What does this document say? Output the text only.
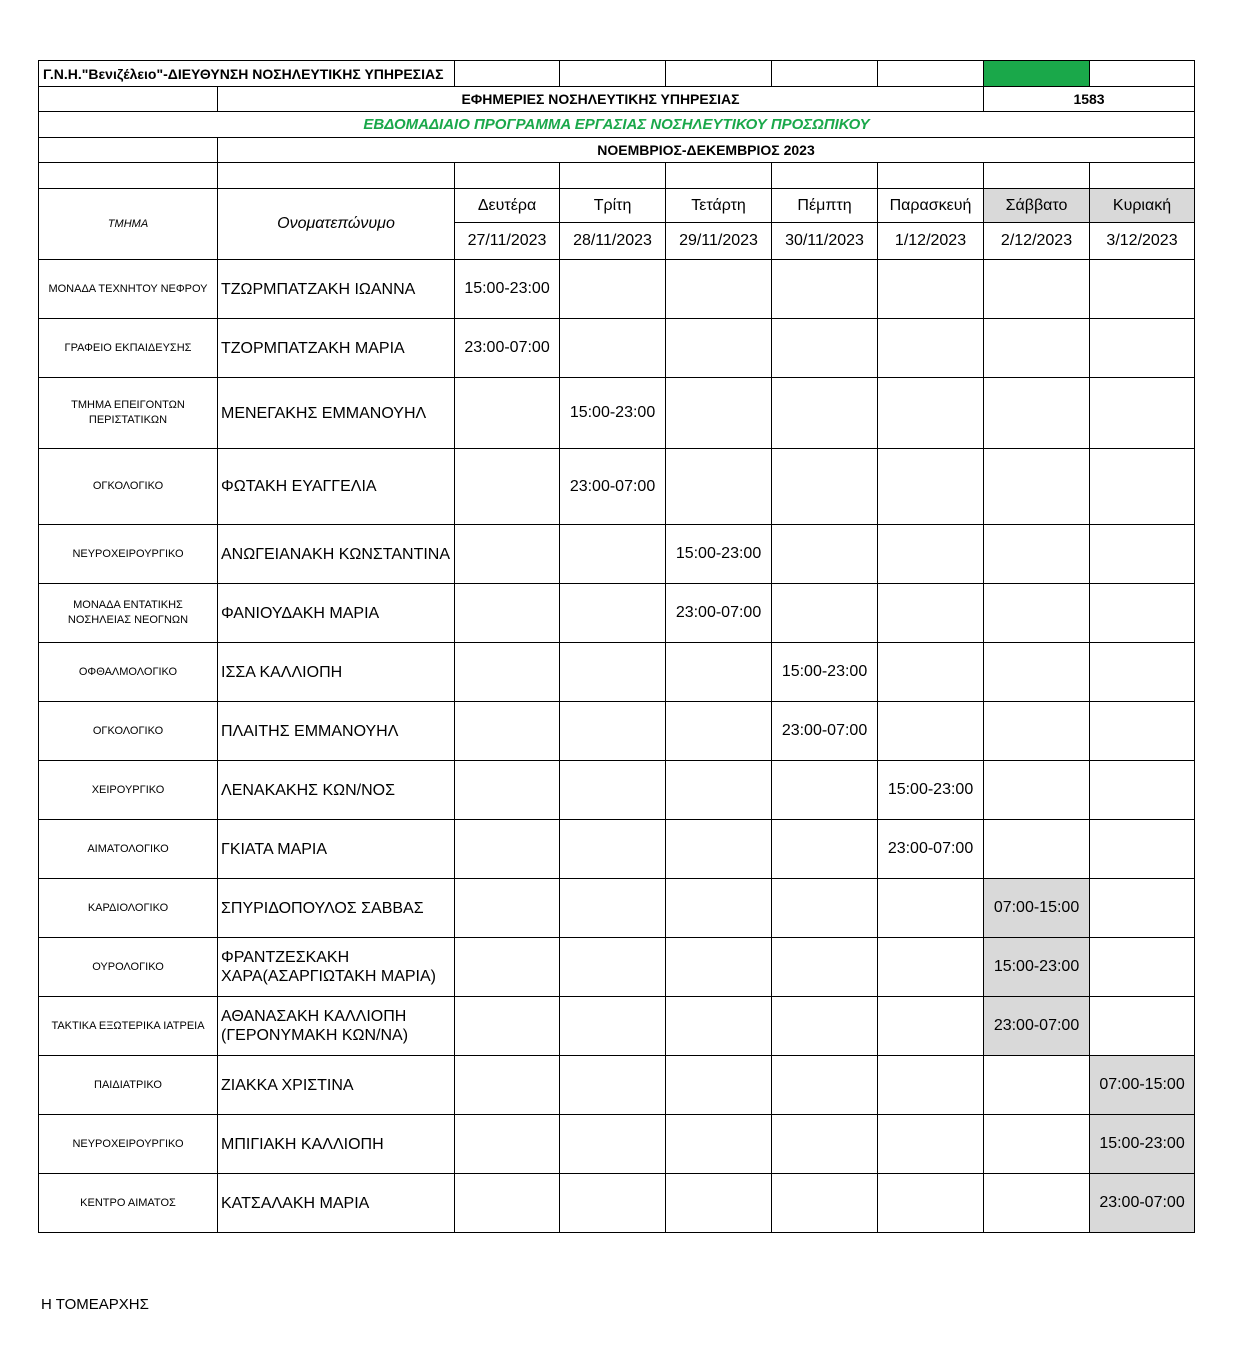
Γ.Ν.Η."Βενιζέλειο"-ΔΙΕΥΘΥΝΣΗ ΝΟΣΗΛΕΥΤΙΚΗΣ ΥΠΗΡΕΣΙΑΣ								
	ΕΦΗΜΕΡΙΕΣ ΝΟΣΗΛΕΥΤΙΚΗΣ ΥΠΗΡΕΣΙΑΣ						1583	
ΕΒΔΟΜΑΔΙΑΙΟ ΠΡΟΓΡΑΜΜΑ ΕΡΓΑΣΙΑΣ ΝΟΣΗΛΕΥΤΙΚΟΥ ΠΡΟΣΩΠΙΚΟΥ								
	ΝΟΕΜΒΡΙΟΣ-ΔΕΚΕΜΒΡΙΟΣ 2023							

ΤΜΗΜΑ	Ονοματεπώνυμο	Δευτέρα	Τρίτη	Τετάρτη	Πέμπτη	Παρασκευή	Σάββατο	Κυριακή
		27/11/2023	28/11/2023	29/11/2023	30/11/2023	1/12/2023	2/12/2023	3/12/2023
ΜΟΝΑΔΑ ΤΕΧΝΗΤΟΥ ΝΕΦΡΟΥ	ΤΖΩΡΜΠΑΤΖΑΚΗ ΙΩΑΝΝΑ	15:00-23:00						
ΓΡΑΦΕΙΟ ΕΚΠΑΙΔΕΥΣΗΣ	ΤΖΟΡΜΠΑΤΖΑΚΗ ΜΑΡΙΑ	23:00-07:00						
ΤΜΗΜΑ ΕΠΕΙΓΟΝΤΩΝ ΠΕΡΙΣΤΑΤΙΚΩΝ	ΜΕΝΕΓΑΚΗΣ ΕΜΜΑΝΟΥΗΛ		15:00-23:00					
ΟΓΚΟΛΟΓΙΚΟ	ΦΩΤΑΚΗ ΕΥΑΓΓΕΛΙΑ		23:00-07:00					
ΝΕΥΡΟΧΕΙΡΟΥΡΓΙΚΟ	ΑΝΩΓΕΙΑΝΑΚΗ ΚΩΝΣΤΑΝΤΙΝΑ			15:00-23:00				
ΜΟΝΑΔΑ ΕΝΤΑΤΙΚΗΣ ΝΟΣΗΛΕΙΑΣ ΝΕΟΓΝΩΝ	ΦΑΝΙΟΥΔΑΚΗ ΜΑΡΙΑ			23:00-07:00				
ΟΦΘΑΛΜΟΛΟΓΙΚΟ	ΙΣΣΑ ΚΑΛΛΙΟΠΗ				15:00-23:00			
ΟΓΚΟΛΟΓΙΚΟ	ΠΛΑΙΤΗΣ ΕΜΜΑΝΟΥΗΛ				23:00-07:00			
ΧΕΙΡΟΥΡΓΙΚΟ	ΛΕΝΑΚΑΚΗΣ ΚΩΝ/ΝΟΣ					15:00-23:00		
ΑΙΜΑΤΟΛΟΓΙΚΟ	ΓΚΙΑΤΑ ΜΑΡΙΑ					23:00-07:00		
ΚΑΡΔΙΟΛΟΓΙΚΟ	ΣΠΥΡΙΔΟΠΟΥΛΟΣ ΣΑΒΒΑΣ						07:00-15:00	
ΟΥΡΟΛΟΓΙΚΟ	ΦΡΑΝΤΖΕΣΚΑΚΗ ΧΑΡΑ(ΑΣΑΡΓΙΩΤΑΚΗ ΜΑΡΙΑ)						15:00-23:00	
ΤΑΚΤΙΚΑ ΕΞΩΤΕΡΙΚΑ ΙΑΤΡΕΙΑ	ΑΘΑΝΑΣΑΚΗ ΚΑΛΛΙΟΠΗ (ΓΕΡΟΝΥΜΑΚΗ ΚΩΝ/ΝΑ)						23:00-07:00	
ΠΑΙΔΙΑΤΡΙΚΟ	ΖΙΑΚΚΑ ΧΡΙΣΤΙΝΑ							07:00-15:00
ΝΕΥΡΟΧΕΙΡΟΥΡΓΙΚΟ	ΜΠΙΓΙΑΚΗ ΚΑΛΛΙΟΠΗ							15:00-23:00
ΚΕΝΤΡΟ ΑΙΜΑΤΟΣ	ΚΑΤΣΑΛΑΚΗ ΜΑΡΙΑ							23:00-07:00
Η ΤΟΜΕΑΡΧΗΣ
